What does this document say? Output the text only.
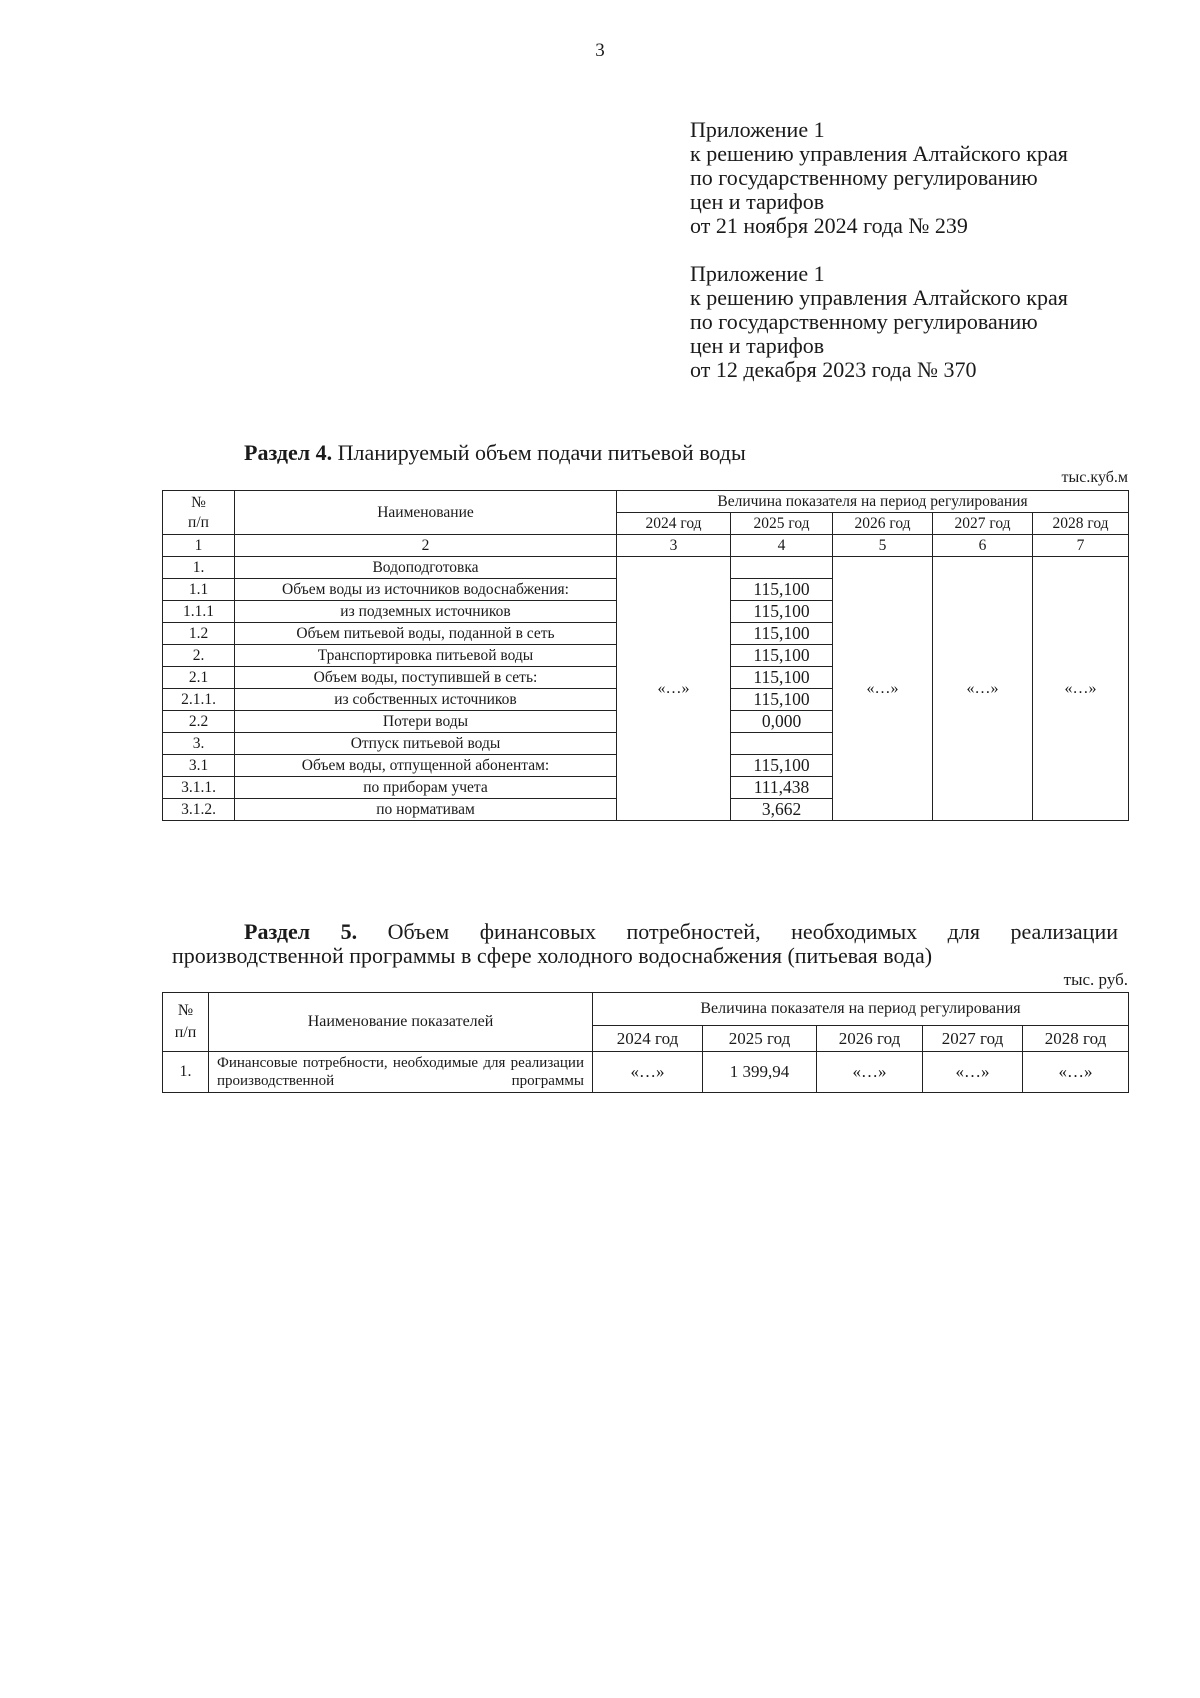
3
Приложение 1
к решению управления Алтайского края
по государственному регулированию
цен и тарифов
от 21 ноября 2024 года № 239
Приложение 1
к решению управления Алтайского края
по государственному регулированию
цен и тарифов
от 12 декабря 2023 года № 370
Раздел 4. Планируемый объем подачи питьевой воды
тыс.куб.м
№
п/п	Наименование	Величина показателя на период регулирования				
		2024 год	2025 год	2026 год	2027 год	2028 год
1	2	3	4	5	6	7
1.	Водоподготовка	«…»		«…»	«…»	«…»
1.1	Объем воды из источников водоснабжения:		115,100			
1.1.1	из подземных источников		115,100			
1.2	Объем питьевой воды, поданной в сеть		115,100			
2.	Транспортировка питьевой воды		115,100			
2.1	Объем воды, поступившей в сеть:		115,100			
2.1.1.	из собственных источников		115,100			
2.2	Потери воды		0,000			
3.	Отпуск питьевой воды					
3.1	Объем воды, отпущенной абонентам:		115,100			
3.1.1.	по приборам учета		111,438			
3.1.2.	по нормативам		3,662			
Раздел 5. Объем финансовых потребностей, необходимых для реализации
производственной программы в сфере холодного водоснабжения (питьевая вода)
тыс. руб.
№
п/п	Наименование показателей	Величина показателя на период регулирования				
		2024 год	2025 год	2026 год	2027 год	2028 год
1.	Финансовые потребности, необходимые для реализации производственной программы	«…»	1 399,94	«…»	«…»	«…»
